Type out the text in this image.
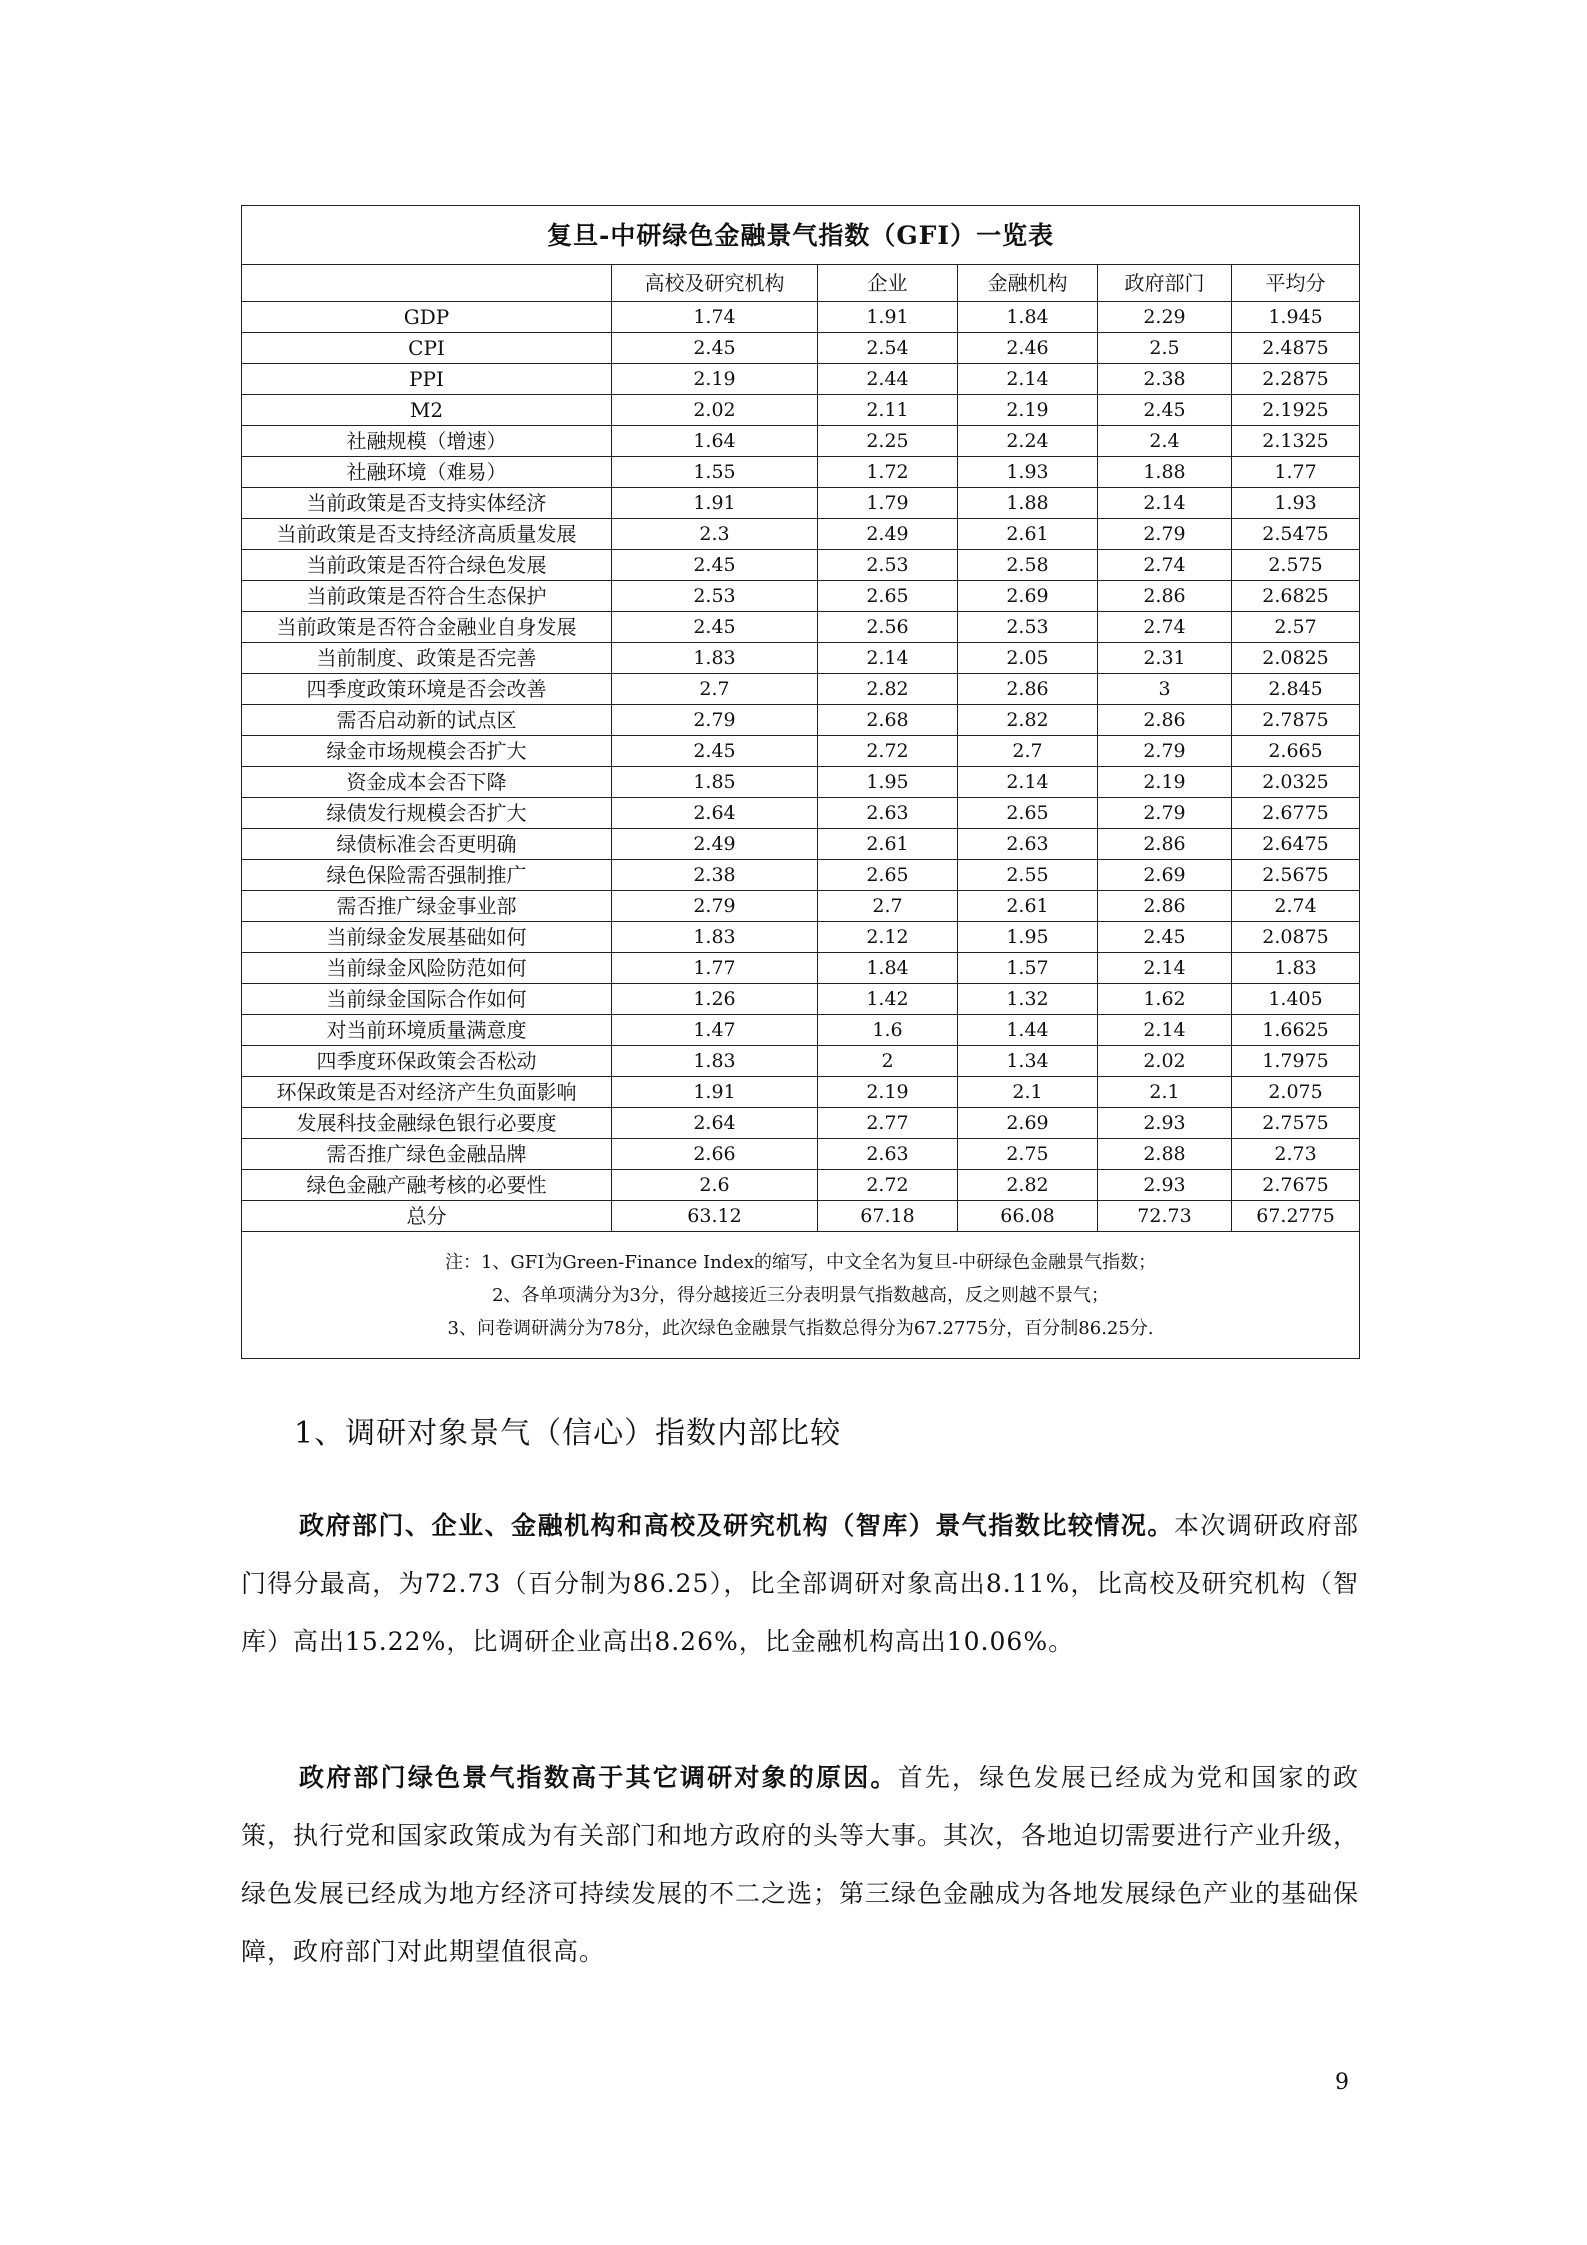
复旦-中研绿色金融景气指数（GFI）一览表					
	高校及研究机构	企业	金融机构	政府部门	平均分
GDP	1.74	1.91	1.84	2.29	1.945
CPI	2.45	2.54	2.46	2.5	2.4875
PPI	2.19	2.44	2.14	2.38	2.2875
M2	2.02	2.11	2.19	2.45	2.1925
社融规模（增速）	1.64	2.25	2.24	2.4	2.1325
社融环境（难易）	1.55	1.72	1.93	1.88	1.77
当前政策是否支持实体经济	1.91	1.79	1.88	2.14	1.93
当前政策是否支持经济高质量发展	2.3	2.49	2.61	2.79	2.5475
当前政策是否符合绿色发展	2.45	2.53	2.58	2.74	2.575
当前政策是否符合生态保护	2.53	2.65	2.69	2.86	2.6825
当前政策是否符合金融业自身发展	2.45	2.56	2.53	2.74	2.57
当前制度、政策是否完善	1.83	2.14	2.05	2.31	2.0825
四季度政策环境是否会改善	2.7	2.82	2.86	3	2.845
需否启动新的试点区	2.79	2.68	2.82	2.86	2.7875
绿金市场规模会否扩大	2.45	2.72	2.7	2.79	2.665
资金成本会否下降	1.85	1.95	2.14	2.19	2.0325
绿债发行规模会否扩大	2.64	2.63	2.65	2.79	2.6775
绿债标准会否更明确	2.49	2.61	2.63	2.86	2.6475
绿色保险需否强制推广	2.38	2.65	2.55	2.69	2.5675
需否推广绿金事业部	2.79	2.7	2.61	2.86	2.74
当前绿金发展基础如何	1.83	2.12	1.95	2.45	2.0875
当前绿金风险防范如何	1.77	1.84	1.57	2.14	1.83
当前绿金国际合作如何	1.26	1.42	1.32	1.62	1.405
对当前环境质量满意度	1.47	1.6	1.44	2.14	1.6625
四季度环保政策会否松动	1.83	2	1.34	2.02	1.7975
环保政策是否对经济产生负面影响	1.91	2.19	2.1	2.1	2.075
发展科技金融绿色银行必要度	2.64	2.77	2.69	2.93	2.7575
需否推广绿色金融品牌	2.66	2.63	2.75	2.88	2.73
绿色金融产融考核的必要性	2.6	2.72	2.82	2.93	2.7675
总分	63.12	67.18	66.08	72.73	67.2775

注：1、GFI为Green-Finance Index的缩写，中文全名为复旦-中研绿色金融景气指数；
2、各单项满分为3分，得分越接近三分表明景气指数越高，反之则越不景气；
3、问卷调研满分为78分，此次绿色金融景气指数总得分为67.2775分，百分制86.25分.					
1、调研对象景气（信心）指数内部比较

政府部门、企业、金融机构和高校及研究机构（智库）景气指数比较情况。本次调研政府部门得分最高，为72.73（百分制为86.25），比全部调研对象高出8.11%，比高校及研究机构（智库）高出15.22%，比调研企业高出8.26%，比金融机构高出10.06%。

政府部门绿色景气指数高于其它调研对象的原因。首先，绿色发展已经成为党和国家的政策，执行党和国家政策成为有关部门和地方政府的头等大事。其次，各地迫切需要进行产业升级，绿色发展已经成为地方经济可持续发展的不二之选；第三绿色金融成为各地发展绿色产业的基础保障，政府部门对此期望值很高。

9
